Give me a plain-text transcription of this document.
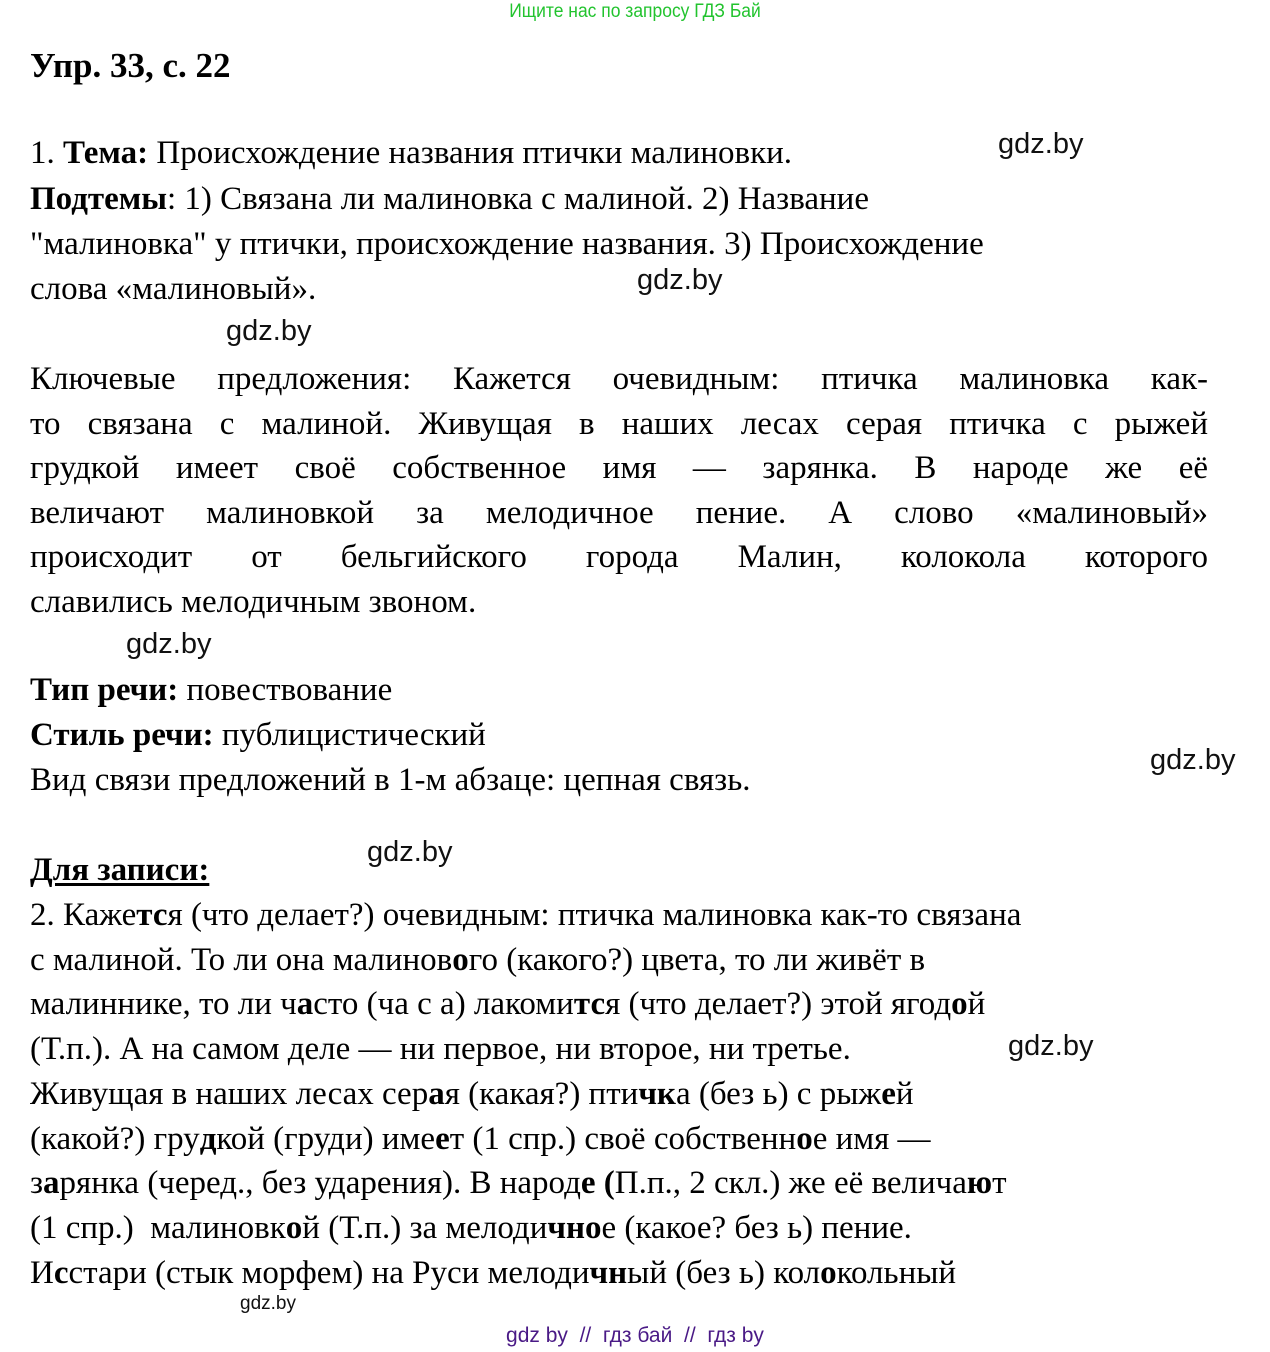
Ищите нас по запросу ГДЗ Бай
Упр. 33, с. 22
1. Тема: Происхождение названия птички малиновки.
Подтемы: 1) Связана ли малиновка с малиной. 2) Название
"малиновка" у птички, происхождение названия. 3) Происхождение
слова «малиновый».
Ключевые предложения: Кажется очевидным: птичка малиновка как-
то связана с малиной. Живущая в наших лесах серая птичка с рыжей
грудкой имеет своё собственное имя — зарянка. В народе же её
величают малиновкой за мелодичное пение. А слово «малиновый»
происходит от бельгийского города Малин, колокола которого
славились мелодичным звоном.
Тип речи: повествование
Стиль речи: публицистический
Вид связи предложений в 1-м абзаце: цепная связь.
Для записи:
2. Кажется (что делает?) очевидным: птичка малиновка как-то связана
с малиной. То ли она малинового (какого?) цвета, то ли живёт в
малиннике, то ли часто (ча с а) лакомится (что делает?) этой ягодой
(Т.п.). А на самом деле — ни первое, ни второе, ни третье.
Живущая в наших лесах серая (какая?) птичка (без ь) с рыжей
(какой?) грудкой (груди) имеет (1 спр.) своё собственное имя —
зарянка (черед., без ударения). В народе (П.п., 2 скл.) же её величают
(1 спр.)  малиновкой (Т.п.) за мелодичное (какое? без ь) пение.
Исстари (стык морфем) на Руси мелодичный (без ь) колокольный
gdz.by
gdz.by
gdz.by
gdz.by
gdz.by
gdz.by
gdz.by
gdz.by
gdz by  //  гдз бай  //  гдз by
